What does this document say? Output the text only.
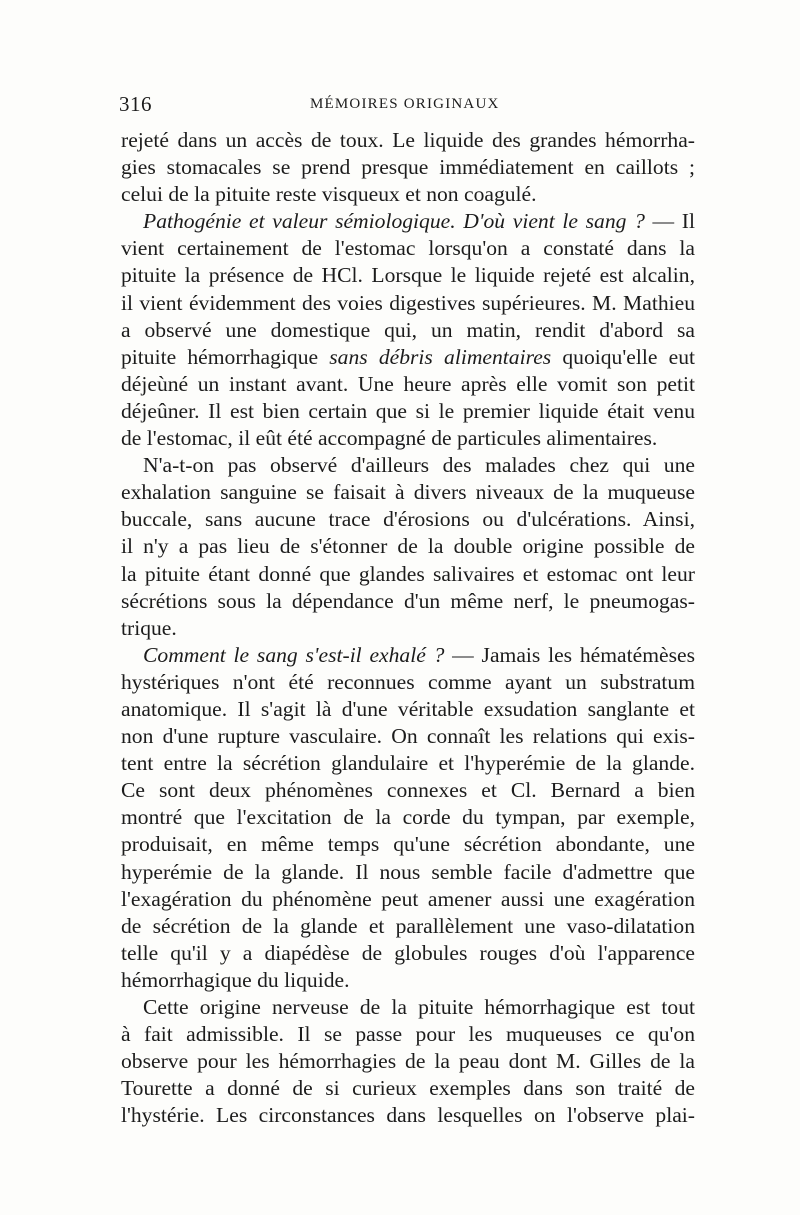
316	MÉMOIRES ORIGINAUX
rejeté dans un accès de toux. Le liquide des grandes hémorrha-
gies stomacales se prend presque immédiatement en caillots ;
celui de la pituite reste visqueux et non coagulé.
Pathogénie et valeur sémiologique. D'où vient le sang ? — Il
vient certainement de l'estomac lorsqu'on a constaté dans la
pituite la présence de HCl. Lorsque le liquide rejeté est alcalin,
il vient évidemment des voies digestives supérieures. M. Mathieu
a observé une domestique qui, un matin, rendit d'abord sa
pituite hémorrhagique sans débris alimentaires quoiqu'elle eut
déjeùné un instant avant. Une heure après elle vomit son petit
déjeûner. Il est bien certain que si le premier liquide était venu
de l'estomac, il eût été accompagné de particules alimentaires.
N'a-t-on pas observé d'ailleurs des malades chez qui une
exhalation sanguine se faisait à divers niveaux de la muqueuse
buccale, sans aucune trace d'érosions ou d'ulcérations. Ainsi,
il n'y a pas lieu de s'étonner de la double origine possible de
la pituite étant donné que glandes salivaires et estomac ont leur
sécrétions sous la dépendance d'un même nerf, le pneumogas-
trique.
Comment le sang s'est-il exhalé ? — Jamais les hématémèses
hystériques n'ont été reconnues comme ayant un substratum
anatomique. Il s'agit là d'une véritable exsudation sanglante et
non d'une rupture vasculaire. On connaît les relations qui exis-
tent entre la sécrétion glandulaire et l'hyperémie de la glande.
Ce sont deux phénomènes connexes et Cl. Bernard a bien
montré que l'excitation de la corde du tympan, par exemple,
produisait, en même temps qu'une sécrétion abondante, une
hyperémie de la glande. Il nous semble facile d'admettre que
l'exagération du phénomène peut amener aussi une exagération
de sécrétion de la glande et parallèlement une vaso-dilatation
telle qu'il y a diapédèse de globules rouges d'où l'apparence
hémorrhagique du liquide.
Cette origine nerveuse de la pituite hémorrhagique est tout
à fait admissible. Il se passe pour les muqueuses ce qu'on
observe pour les hémorrhagies de la peau dont M. Gilles de la
Tourette a donné de si curieux exemples dans son traité de
l'hystérie. Les circonstances dans lesquelles on l'observe plai-
